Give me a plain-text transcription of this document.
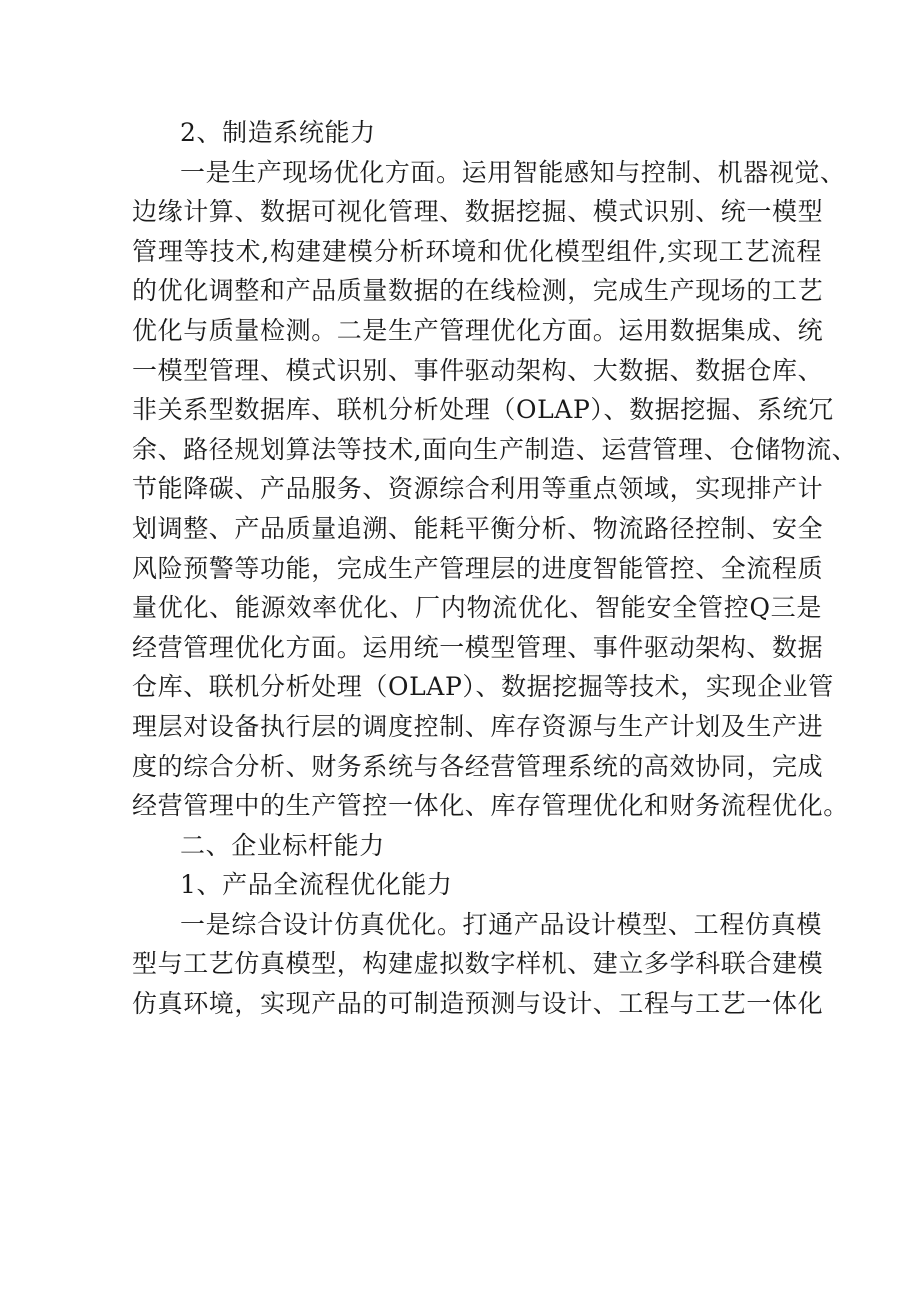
2、制造系统能力

一是生产现场优化方面。运用智能感知与控制、机器视觉、
边缘计算、数据可视化管理、数据挖掘、模式识别、统一模型
管理等技术,构建建模分析环境和优化模型组件,实现工艺流程
的优化调整和产品质量数据的在线检测，完成生产现场的工艺
优化与质量检测。二是生产管理优化方面。运用数据集成、统
一模型管理、模式识别、事件驱动架构、大数据、数据仓库、
非关系型数据库、联机分析处理（OLAP）、数据挖掘、系统冗
余、路径规划算法等技术,面向生产制造、运营管理、仓储物流、
节能降碳、产品服务、资源综合利用等重点领域，实现排产计
划调整、产品质量追溯、能耗平衡分析、物流路径控制、安全
风险预警等功能，完成生产管理层的进度智能管控、全流程质
量优化、能源效率优化、厂内物流优化、智能安全管控Q三是
经营管理优化方面。运用统一模型管理、事件驱动架构、数据
仓库、联机分析处理（OLAP）、数据挖掘等技术，实现企业管
理层对设备执行层的调度控制、库存资源与生产计划及生产进
度的综合分析、财务系统与各经营管理系统的高效协同，完成
经营管理中的生产管控一体化、库存管理优化和财务流程优化。

二、企业标杆能力

1、产品全流程优化能力

一是综合设计仿真优化。打通产品设计模型、工程仿真模
型与工艺仿真模型，构建虚拟数字样机、建立多学科联合建模
仿真环境，实现产品的可制造预测与设计、工程与工艺一体化
